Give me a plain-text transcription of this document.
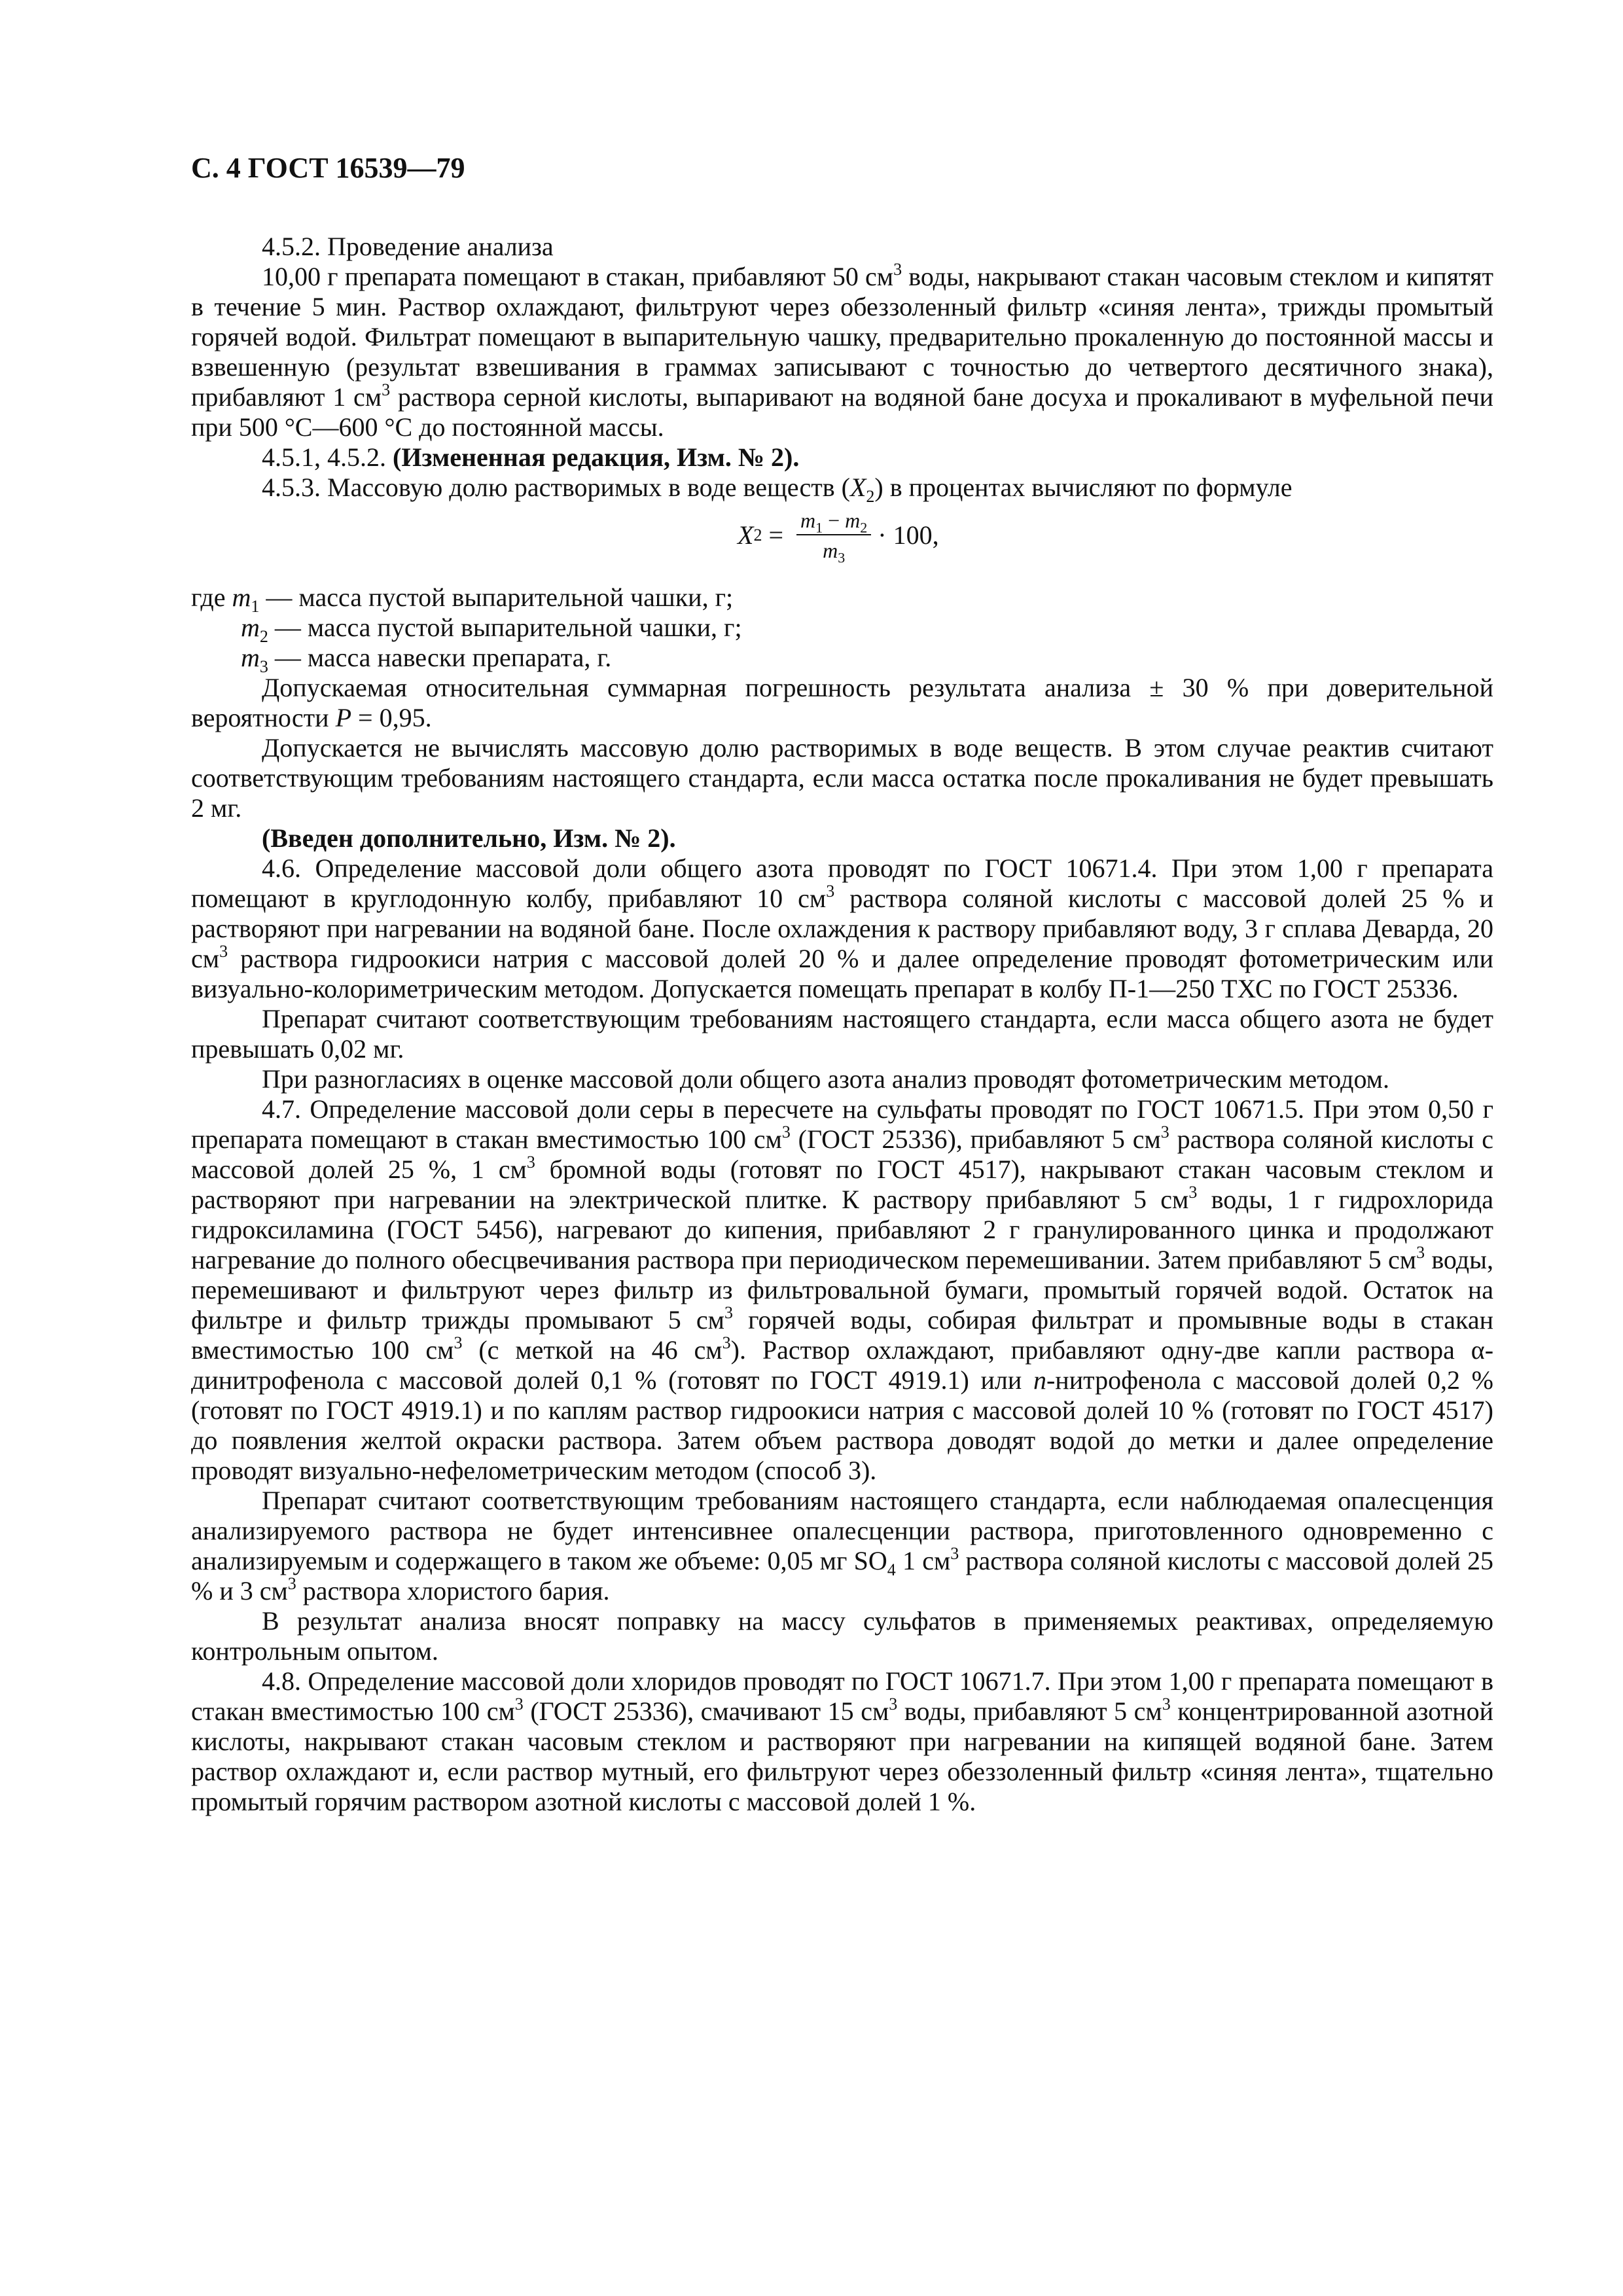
С. 4 ГОСТ 16539—79

4.5.2. Проведение анализа

10,00 г препарата помещают в стакан, прибавляют 50 $см^3$ воды, накрывают стакан часовым стеклом и кипятят в течение 5 мин. Раствор охлаждают, фильтруют через обеззоленный фильтр «синяя лента», трижды промытый горячей водой. Фильтрат помещают в выпарительную чашку, предварительно прокаленную до постоянной массы и взвешенную (результат взвешивания в граммах записывают с точностью до четвертого десятичного знака), прибавляют 1 $см^3$ раствора серной кислоты, выпаривают на водяной бане досуха и прокаливают в муфельной печи при 500 °С—600 °С до постоянной массы.

4.5.1, 4.5.2. (Измененная редакция, Изм. № 2).

4.5.3. Массовую долю растворимых в воде веществ $(X_2)$ в процентах вычисляют по формуле

X $2 = \frac{m_1 - m_2}{m_3} \cdot 100$,

где $m_1$ — масса пустой выпарительной чашки, г;

$m_2$ — масса пустой выпарительной чашки, г;

$m_3$ — масса навески препарата, г.

Допускаемая относительная суммарная погрешность результата анализа ± 30 % при доверительной вероятности P = 0,95.

Допускается не вычислять массовую долю растворимых в воде веществ. В этом случае реактив считают соответствующим требованиям настоящего стандарта, если масса остатка после прокаливания не будет превышать 2 мг.

(Введен дополнительно, Изм. № 2).

4.6. Определение массовой доли общего азота проводят по ГОСТ 10671.4. При этом 1,00 г препарата помещают в круглодонную колбу, прибавляют 10 $см^3$ раствора соляной кислоты с массовой долей 25 % и растворяют при нагревании на водяной бане. После охлаждения к раствору прибавляют воду, 3 г сплава Деварда, 20 $см^3$ раствора гидроокиси натрия с массовой долей 20 % и далее определение проводят фотометрическим или визуально-колориметрическим методом. Допускается помещать препарат в колбу П-1—250 ТХС по ГОСТ 25336.

Препарат считают соответствующим требованиям настоящего стандарта, если масса общего азота не будет превышать 0,02 мг.

При разногласиях в оценке массовой доли общего азота анализ проводят фотометрическим методом.

4.7. Определение массовой доли серы в пересчете на сульфаты проводят по ГОСТ 10671.5. При этом 0,50 г препарата помещают в стакан вместимостью 100 $см^3$ (ГОСТ 25336), прибавляют 5 $см^3$ раствора соляной кислоты с массовой долей 25 %, 1 $см^3$ бромной воды (готовят по ГОСТ 4517), накрывают стакан часовым стеклом и растворяют при нагревании на электрической плитке. К раствору прибавляют 5 $см^3$ воды, 1 г гидрохлорида гидроксиламина (ГОСТ 5456), нагревают до кипения, прибавляют 2 г гранулированного цинка и продолжают нагревание до полного обесцвечивания раствора при периодическом перемешивании. Затем прибавляют 5 $см^3$ воды, перемешивают и фильтруют через фильтр из фильтровальной бумаги, промытый горячей водой. Остаток на фильтре и фильтр трижды промывают 5 $см^3$ горячей воды, собирая фильтрат и промывные воды в стакан вместимостью 100 $см^3$ (с меткой на 46 $см^3$). Раствор охлаждают, прибавляют одну-две капли раствора α-динитрофенола с массовой долей 0,1 % (готовят по ГОСТ 4919.1) или n-нитрофенола с массовой долей 0,2 % (готовят по ГОСТ 4919.1) и по каплям раствор гидроокиси натрия с массовой долей 10 % (готовят по ГОСТ 4517) до появления желтой окраски раствора. Затем объем раствора доводят водой до метки и далее определение проводят визуально-нефелометрическим методом (способ 3).

Препарат считают соответствующим требованиям настоящего стандарта, если наблюдаемая опалесценция анализируемого раствора не будет интенсивнее опалесценции раствора, приготовленного одновременно с анализируемым и содержащего в таком же объеме: 0,05 мг $SO_4$ 1 $см^3$ раствора соляной кислоты с массовой долей 25 % и 3 $см^3$ раствора хлористого бария.

В результат анализа вносят поправку на массу сульфатов в применяемых реактивах, определяемую контрольным опытом.

4.8. Определение массовой доли хлоридов проводят по ГОСТ 10671.7. При этом 1,00 г препарата помещают в стакан вместимостью 100 $см^3$ (ГОСТ 25336), смачивают 15 $см^3$ воды, прибавляют 5 $см^3$ концентрированной азотной кислоты, накрывают стакан часовым стеклом и растворяют при нагревании на кипящей водяной бане. Затем раствор охлаждают и, если раствор мутный, его фильтруют через обеззоленный фильтр «синяя лента», тщательно промытый горячим раствором азотной кислоты с массовой долей 1 %.
